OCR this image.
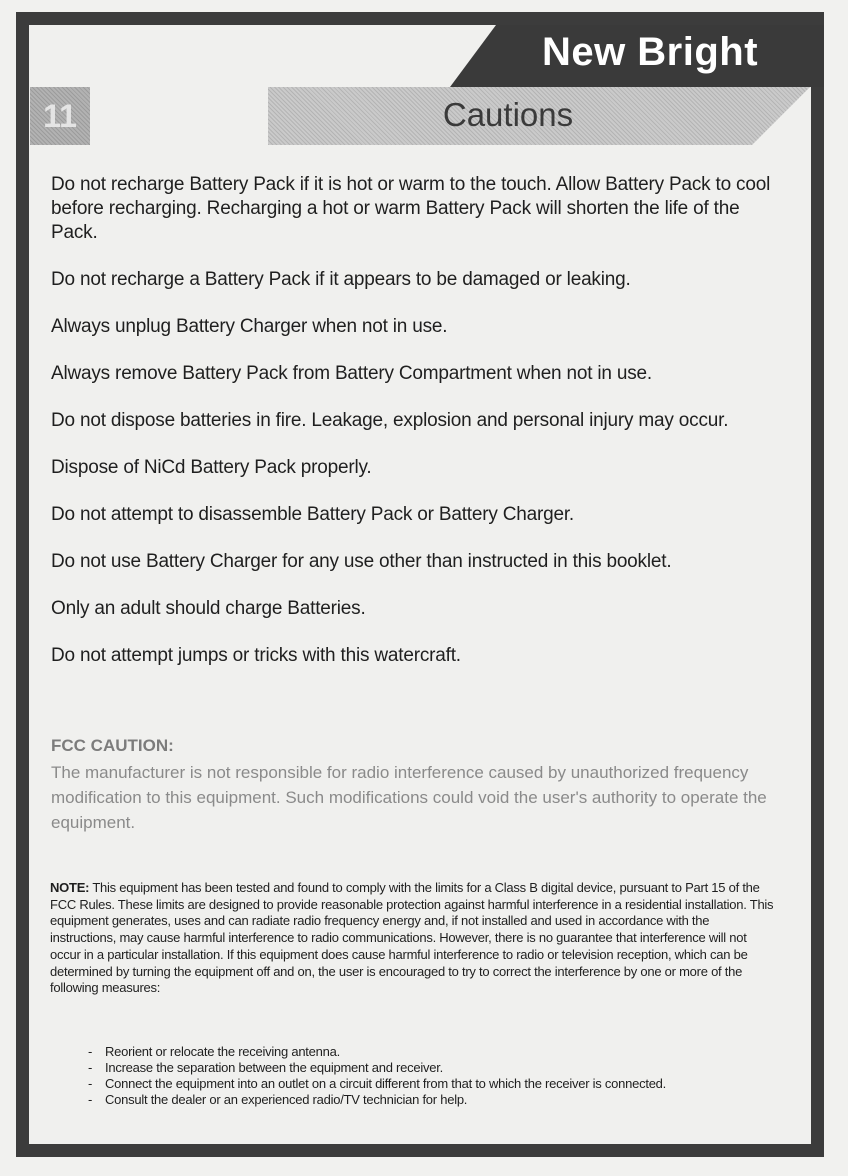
New Bright
Cautions
11

Do not recharge Battery Pack if it is hot or warm to the touch. Allow Battery Pack to cool before recharging. Recharging a hot or warm Battery Pack will shorten the life of the Pack.

Do not recharge a Battery Pack if it appears to be damaged or leaking.

Always unplug Battery Charger when not in use.

Always remove Battery Pack from Battery Compartment when not in use.

Do not dispose batteries in fire. Leakage, explosion and personal injury may occur.

Dispose of NiCd Battery Pack properly.

Do not attempt to disassemble Battery Pack or Battery Charger.

Do not use Battery Charger for any use other than instructed in this booklet.

Only an adult should charge Batteries.

Do not attempt jumps or tricks with this watercraft.

FCC CAUTION:
The manufacturer is not responsible for radio interference caused by unauthorized frequency modification to this equipment. Such modifications could void the user's authority to operate the equipment.
NOTE: This equipment has been tested and found to comply with the limits for a Class B digital device, pursuant to Part 15 of the FCC Rules. These limits are designed to provide reasonable protection against harmful interference in a residential installation. This equipment generates, uses and can radiate radio frequency energy and, if not installed and used in accordance with the instructions, may cause harmful interference to radio communications. However, there is no guarantee that interference will not occur in a particular installation. If this equipment does cause harmful interference to radio or television reception, which can be determined by turning the equipment off and on, the user is encouraged to try to correct the interference by one or more of the following measures:
- Reorient or relocate the receiving antenna.
- Increase the separation between the equipment and receiver.
- Connect the equipment into an outlet on a circuit different from that to which the receiver is connected.
- Consult the dealer or an experienced radio/TV technician for help.
